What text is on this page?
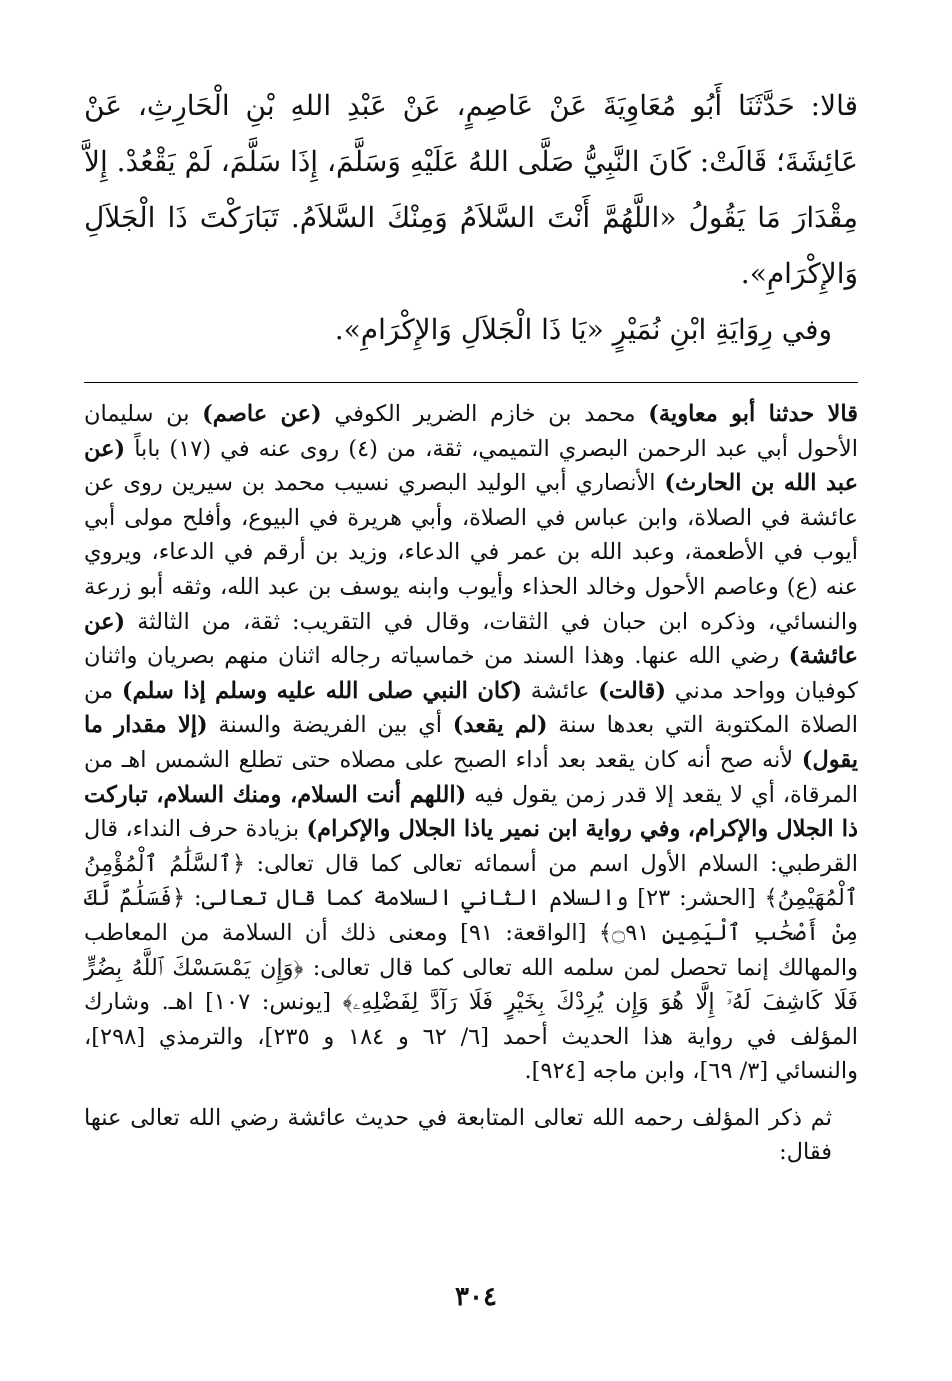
قالا: حَدَّثَنَا أَبُو مُعَاوِيَةَ عَنْ عَاصِمٍ، عَنْ عَبْدِ اللهِ بْنِ الْحَارِثِ، عَنْ عَائِشَةَ؛ قَالَتْ: كَانَ النَّبِيُّ صَلَّى اللهُ عَلَيْهِ وَسَلَّمَ، إِذَا سَلَّمَ، لَمْ يَقْعُدْ. إِلاَّ مِقْدَارَ مَا يَقُولُ «اللَّهُمَّ أَنْتَ السَّلاَمُ وَمِنْكَ السَّلاَمُ. تَبَارَكْتَ ذَا الْجَلاَلِ وَالإِكْرَامِ».

وفي رِوَايَةِ ابْنِ نُمَيْرٍ «يَا ذَا الْجَلاَلِ وَالإِكْرَامِ».

قالا حدثنا أبو معاوية) محمد بن خازم الضرير الكوفي (عن عاصم) بن سليمان الأحول أبي عبد الرحمن البصري التميمي، ثقة، من (٤) روى عنه في (١٧) باباً (عن عبد الله بن الحارث) الأنصاري أبي الوليد البصري نسيب محمد بن سيرين روى عن عائشة في الصلاة، وابن عباس في الصلاة، وأبي هريرة في البيوع، وأفلح مولى أبي أيوب في الأطعمة، وعبد الله بن عمر في الدعاء، وزيد بن أرقم في الدعاء، ويروي عنه (ع) وعاصم الأحول وخالد الحذاء وأيوب وابنه يوسف بن عبد الله، وثقه أبو زرعة والنسائي، وذكره ابن حبان في الثقات، وقال في التقريب: ثقة، من الثالثة (عن عائشة) رضي الله عنها. وهذا السند من خماسياته رجاله اثنان منهم بصريان واثنان كوفيان وواحد مدني (قالت) عائشة (كان النبي صلى الله عليه وسلم إذا سلم) من الصلاة المكتوبة التي بعدها سنة (لم يقعد) أي بين الفريضة والسنة (إلا مقدار ما يقول) لأنه صح أنه كان يقعد بعد أداء الصبح على مصلاه حتى تطلع الشمس اهـ من المرقاة، أي لا يقعد إلا قدر زمن يقول فيه (اللهم أنت السلام، ومنك السلام، تباركت ذا الجلال والإكرام، وفي رواية ابن نمير ياذا الجلال والإكرام) بزيادة حرف النداء، قال القرطبي: السلام الأول اسم من أسمائه تعالى كما قال تعالى: ﴿ٱلسَّلَٰمُ ٱلْمُؤْمِنُ ٱلْمُهَيْمِنُ﴾ [الحشر: ٢٣] والسلام الثاني السلامة كما قال تعالى: ﴿فَسَلَٰمٌ لَّكَ مِنْ أَصْحَٰبِ ٱلْيَمِينِ ۝٩١﴾ [الواقعة: ٩١] ومعنى ذلك أن السلامة من المعاطب والمهالك إنما تحصل لمن سلمه الله تعالى كما قال تعالى: ﴿وَإِن يَمْسَسْكَ ٱللَّهُ بِضُرٍّ فَلَا كَاشِفَ لَهُۥٓ إِلَّا هُوَ وَإِن يُرِدْكَ بِخَيْرٍ فَلَا رَآدَّ لِفَضْلِهِۦ﴾ [يونس: ١٠٧] اهـ. وشارك المؤلف في رواية هذا الحديث أحمد [٦/ ٦٢ و ١٨٤ و ٢٣٥]، والترمذي [٢٩٨]، والنسائي [٣/ ٦٩]، وابن ماجه [٩٢٤].

ثم ذكر المؤلف رحمه الله تعالى المتابعة في حديث عائشة رضي الله تعالى عنها فقال:

٣٠٤
